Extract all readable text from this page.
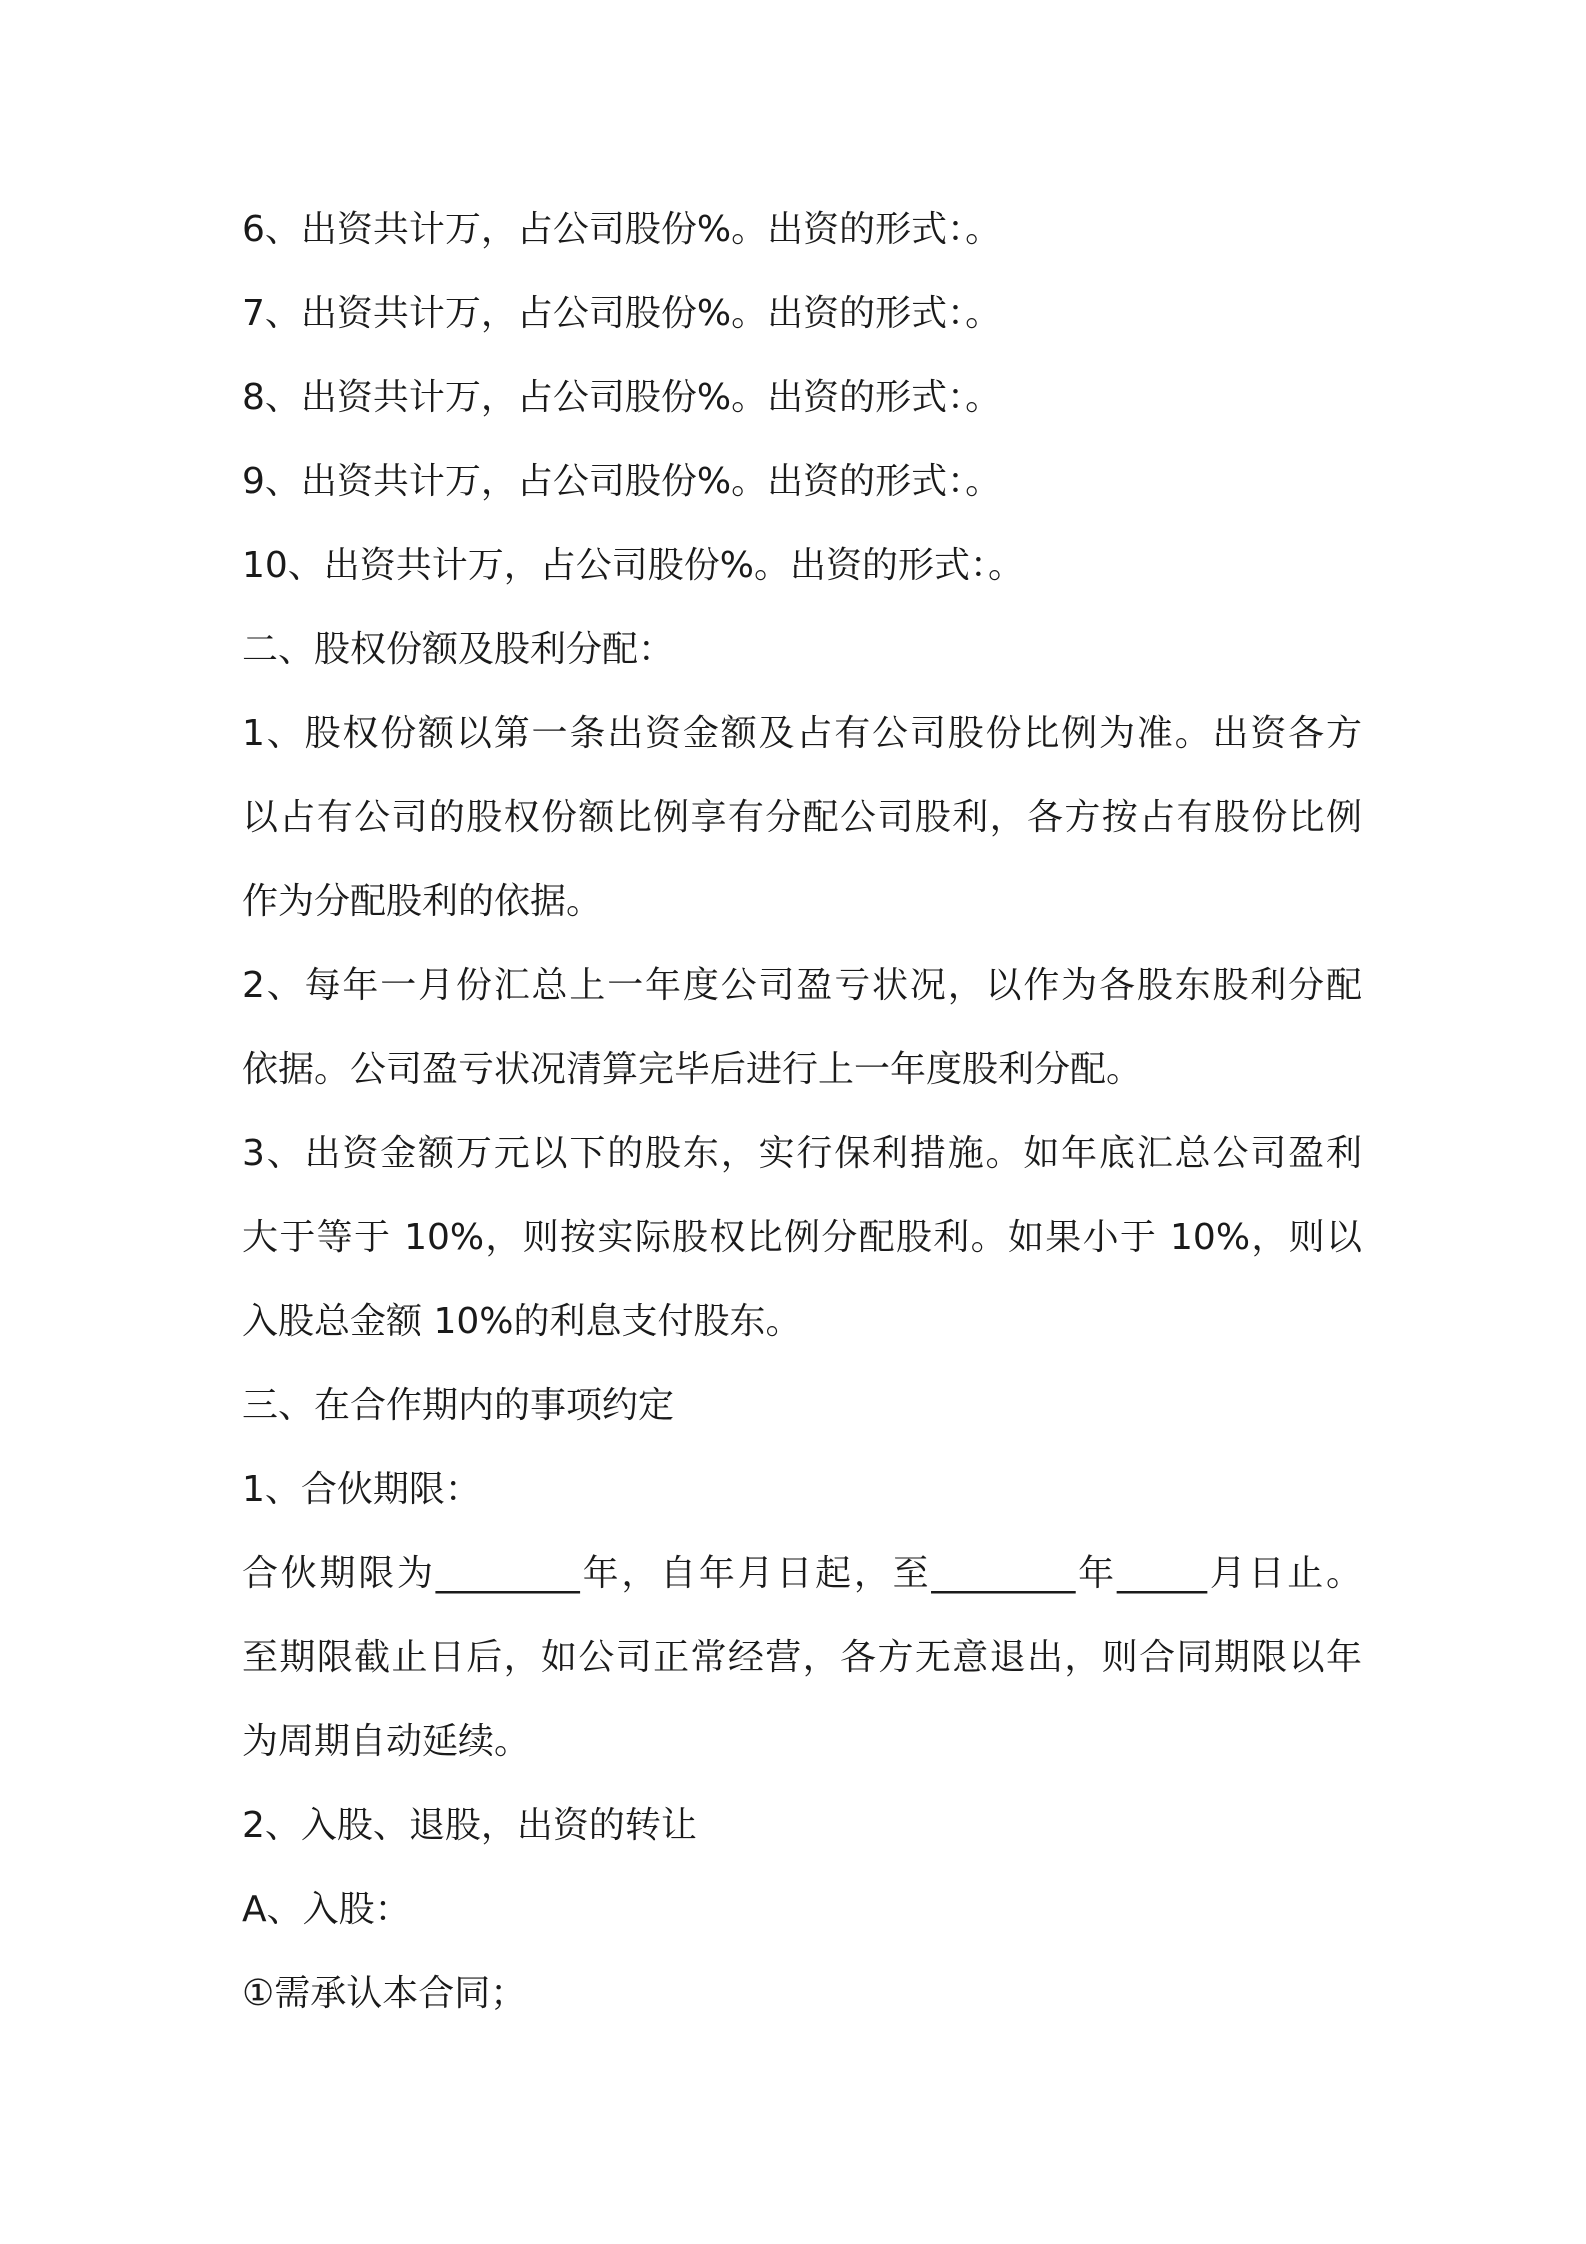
6、出资共计万，占公司股份%。出资的形式：。
7、出资共计万，占公司股份%。出资的形式：。
8、出资共计万，占公司股份%。出资的形式：。
9、出资共计万，占公司股份%。出资的形式：。
10、出资共计万，占公司股份%。出资的形式：。
二、股权份额及股利分配：
1、股权份额以第一条出资金额及占有公司股份比例为准。出资各方
以占有公司的股权份额比例享有分配公司股利，各方按占有股份比例
作为分配股利的依据。
2、每年一月份汇总上一年度公司盈亏状况，以作为各股东股利分配
依据。公司盈亏状况清算完毕后进行上一年度股利分配。
3、出资金额万元以下的股东，实行保利措施。如年底汇总公司盈利
大于等于 10%，则按实际股权比例分配股利。如果小于 10%，则以
入股总金额 10%的利息支付股东。
三、在合作期内的事项约定
1、合伙期限：
合伙期限为________年，自年月日起，至________年_____月日止。
至期限截止日后，如公司正常经营，各方无意退出，则合同期限以年
为周期自动延续。
2、入股、退股，出资的转让
A、入股：
①需承认本合同；
